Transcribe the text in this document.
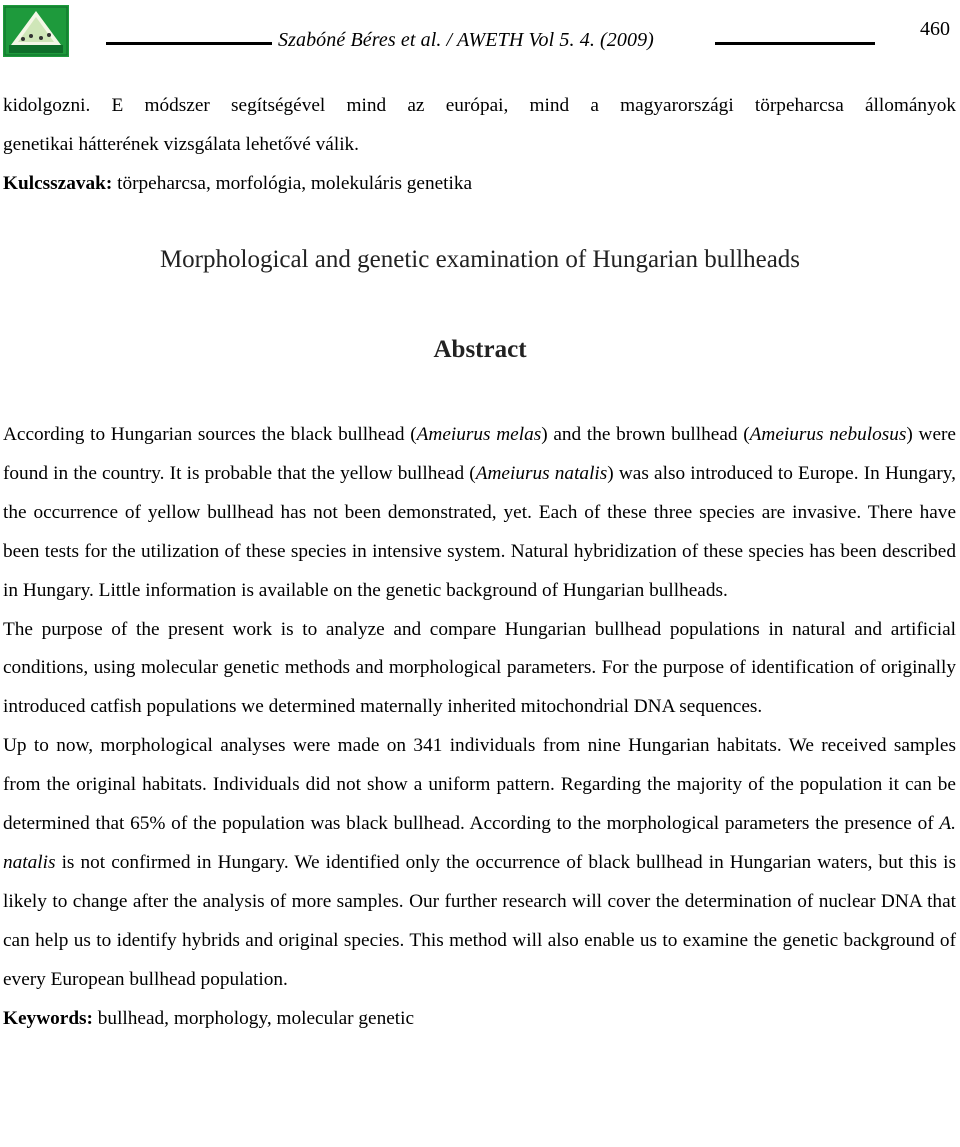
Szabóné Béres et al. / AWETH Vol 5. 4. (2009)	460

kidolgozni. E módszer segítségével mind az európai, mind a magyarországi törpeharcsa állományok

genetikai hátterének vizsgálata lehetővé válik.

Kulcsszavak: törpeharcsa, morfológia, molekuláris genetika

Morphological and genetic examination of Hungarian bullheads
Abstract

According to Hungarian sources the black bullhead (Ameiurus melas) and the brown bullhead (Ameiurus nebulosus) were found in the country. It is probable that the yellow bullhead (Ameiurus natalis) was also introduced to Europe. In Hungary, the occurrence of yellow bullhead has not been demonstrated, yet. Each of these three species are invasive. There have been tests for the utilization of these species in intensive system. Natural hybridization of these species has been described in Hungary. Little information is available on the genetic background of Hungarian bullheads.

The purpose of the present work is to analyze and compare Hungarian bullhead populations in natural and artificial conditions, using molecular genetic methods and morphological parameters. For the purpose of identification of originally introduced catfish populations we determined maternally inherited mitochondrial DNA sequences.

Up to now, morphological analyses were made on 341 individuals from nine Hungarian habitats. We received samples from the original habitats. Individuals did not show a uniform pattern. Regarding the majority of the population it can be determined that 65% of the population was black bullhead. According to the morphological parameters the presence of A. natalis is not confirmed in Hungary. We identified only the occurrence of black bullhead in Hungarian waters, but this is likely to change after the analysis of more samples. Our further research will cover the determination of nuclear DNA that can help us to identify hybrids and original species. This method will also enable us to examine the genetic background of every European bullhead population.

Keywords: bullhead, morphology, molecular genetic
